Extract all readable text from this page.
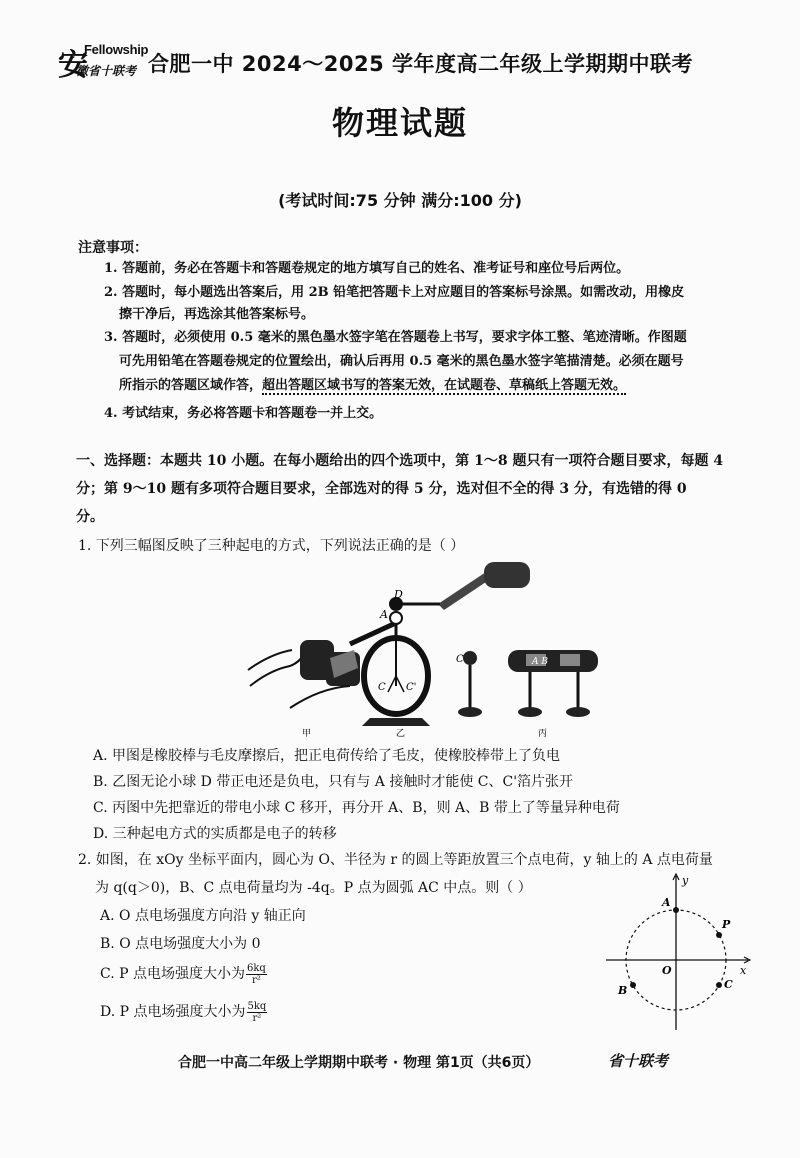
安
Fellowship
徽省十联考 合肥一中 2024～2025 学年度高二年级上学期期中联考
物理试题
(考试时间:75 分钟 满分:100 分)
注意事项：
1. 答题前，务必在答题卡和答题卷规定的地方填写自己的姓名、准考证号和座位号后两位。
2. 答题时，每小题选出答案后，用 2B 铅笔把答题卡上对应题目的答案标号涂黑。如需改动，用橡皮
擦干净后，再选涂其他答案标号。
3. 答题时，必须使用 0.5 毫米的黑色墨水签字笔在答题卷上书写，要求字体工整、笔迹清晰。作图题
可先用铅笔在答题卷规定的位置绘出，确认后再用 0.5 毫米的黑色墨水签字笔描清楚。必须在题号
所指示的答题区域作答，超出答题区域书写的答案无效，在试题卷、草稿纸上答题无效。
4. 考试结束，务必将答题卡和答题卷一并上交。
一、选择题：本题共 10 小题。在每小题给出的四个选项中，第 1～8 题只有一项符合题目要求，每题 4
分；第 9～10 题有多项符合题目要求，全部选对的得 5 分，选对但不全的得 3 分，有选错的得 0
分。
1. 下列三幅图反映了三种起电的方式，下列说法正确的是（ ）
甲
D
A
C C'
乙
C	A B
丙
A. 甲图是橡胶棒与毛皮摩擦后，把正电荷传给了毛皮，使橡胶棒带上了负电
B. 乙图无论小球 D 带正电还是负电，只有与 A 接触时才能使 C、C'箔片张开
C. 丙图中先把靠近的带电小球 C 移开，再分开 A、B，则 A、B 带上了等量异种电荷
D. 三种起电方式的实质都是电子的转移
2. 如图，在 xOy 坐标平面内，圆心为 O、半径为 r 的圆上等距放置三个点电荷，y 轴上的 A 点电荷量
为 q(q＞0)，B、C 点电荷量均为 -4q。P 点为圆弧 AC 中点。则（ ）
A. O 点电场强度方向沿 y 轴正向
B. O 点电场强度大小为 0
C. P 点电场强度大小为 $\frac{6kq}{\text{r²}}$
D. P 点电场强度大小为 $\frac{5kq}{\text{r²}}$
y
x
O
A
B	C
P
合肥一中高二年级上学期期中联考 · 物理 第1页（共6页）	省十联考
